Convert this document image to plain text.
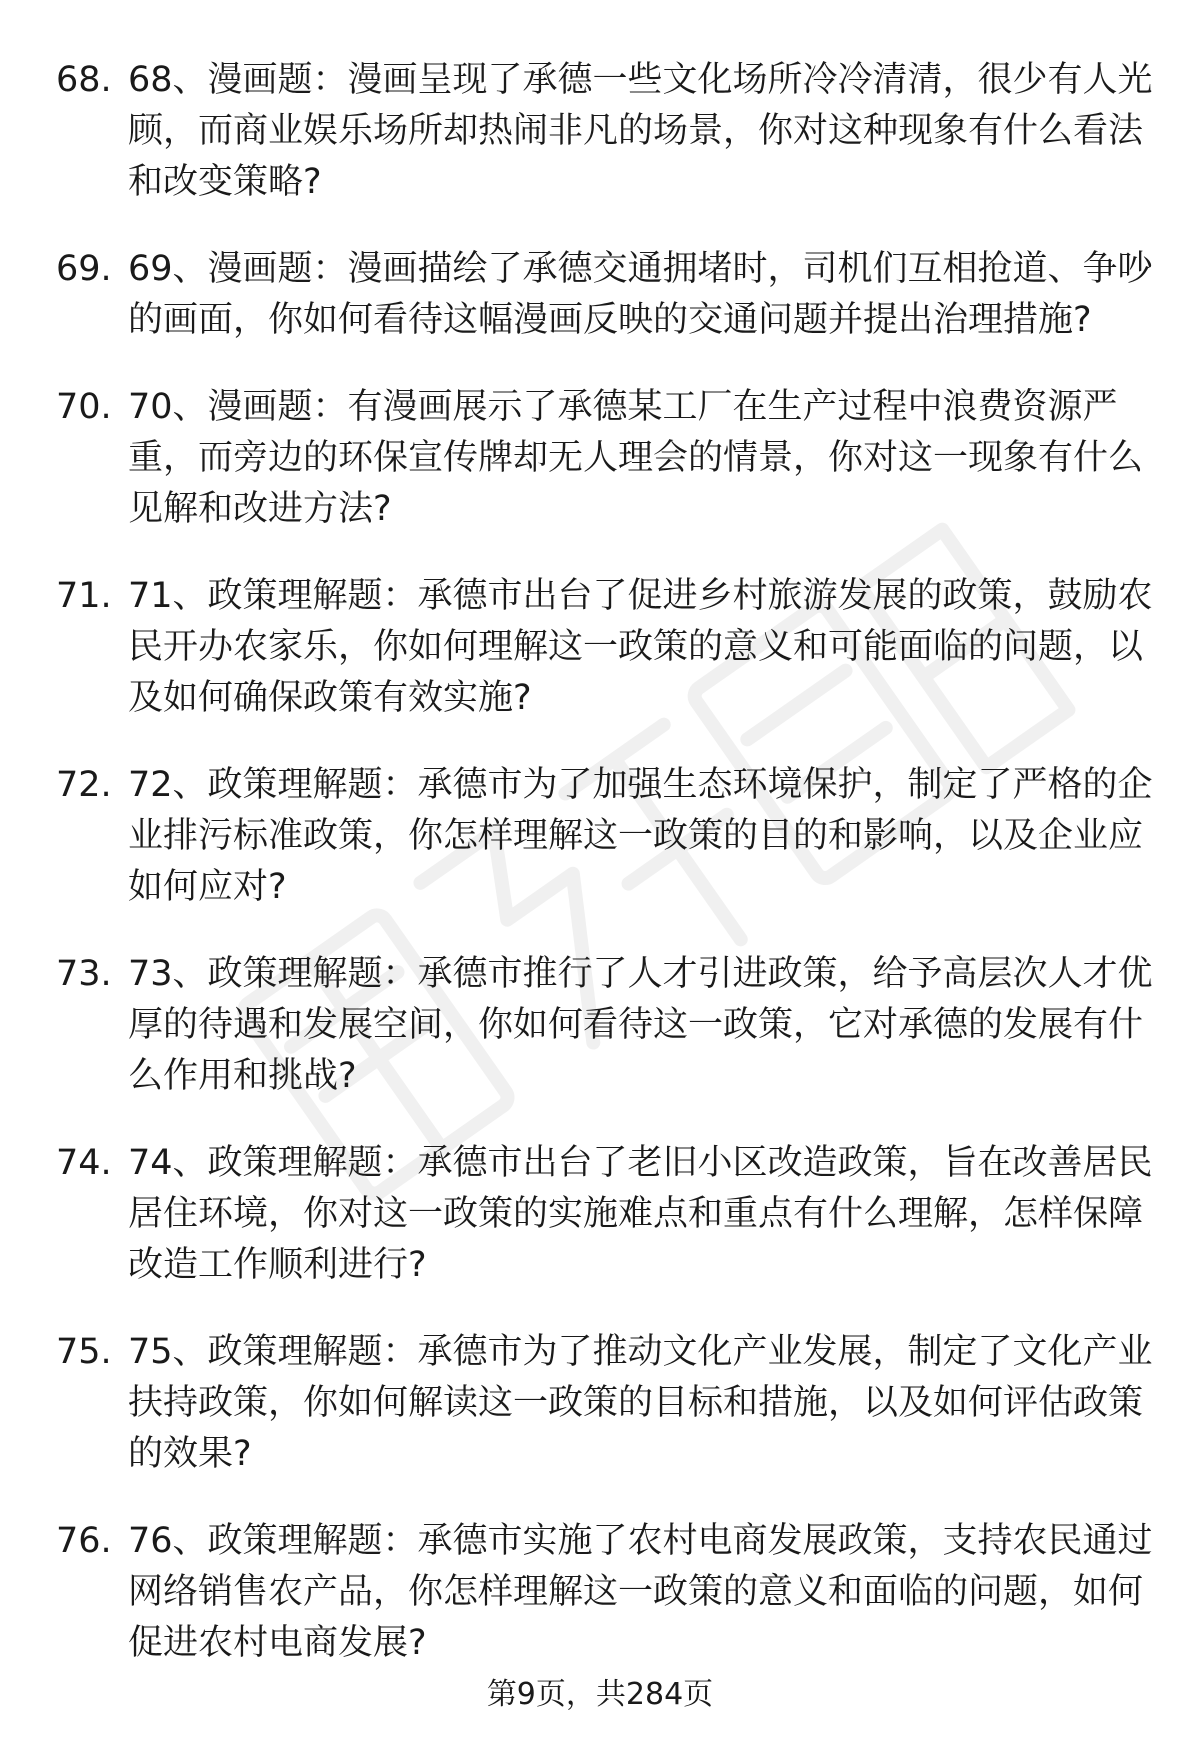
68. 68、漫画题：漫画呈现了承德一些文化场所冷冷清清，很少有人光顾，而商业娱乐场所却热闹非凡的场景，你对这种现象有什么看法和改变策略?
69. 69、漫画题：漫画描绘了承德交通拥堵时，司机们互相抢道、争吵的画面，你如何看待这幅漫画反映的交通问题并提出治理措施?
70. 70、漫画题：有漫画展示了承德某工厂在生产过程中浪费资源严重，而旁边的环保宣传牌却无人理会的情景，你对这一现象有什么见解和改进方法?
71. 71、政策理解题：承德市出台了促进乡村旅游发展的政策，鼓励农民开办农家乐，你如何理解这一政策的意义和可能面临的问题，以及如何确保政策有效实施?
72. 72、政策理解题：承德市为了加强生态环境保护，制定了严格的企业排污标准政策，你怎样理解这一政策的目的和影响，以及企业应如何应对?
73. 73、政策理解题：承德市推行了人才引进政策，给予高层次人才优厚的待遇和发展空间，你如何看待这一政策，它对承德的发展有什么作用和挑战?
74. 74、政策理解题：承德市出台了老旧小区改造政策，旨在改善居民居住环境，你对这一政策的实施难点和重点有什么理解，怎样保障改造工作顺利进行?
75. 75、政策理解题：承德市为了推动文化产业发展，制定了文化产业扶持政策，你如何解读这一政策的目标和措施，以及如何评估政策的效果?
76. 76、政策理解题：承德市实施了农村电商发展政策，支持农民通过网络销售农产品，你怎样理解这一政策的意义和面临的问题，如何促进农村电商发展?
第9页，共284页
